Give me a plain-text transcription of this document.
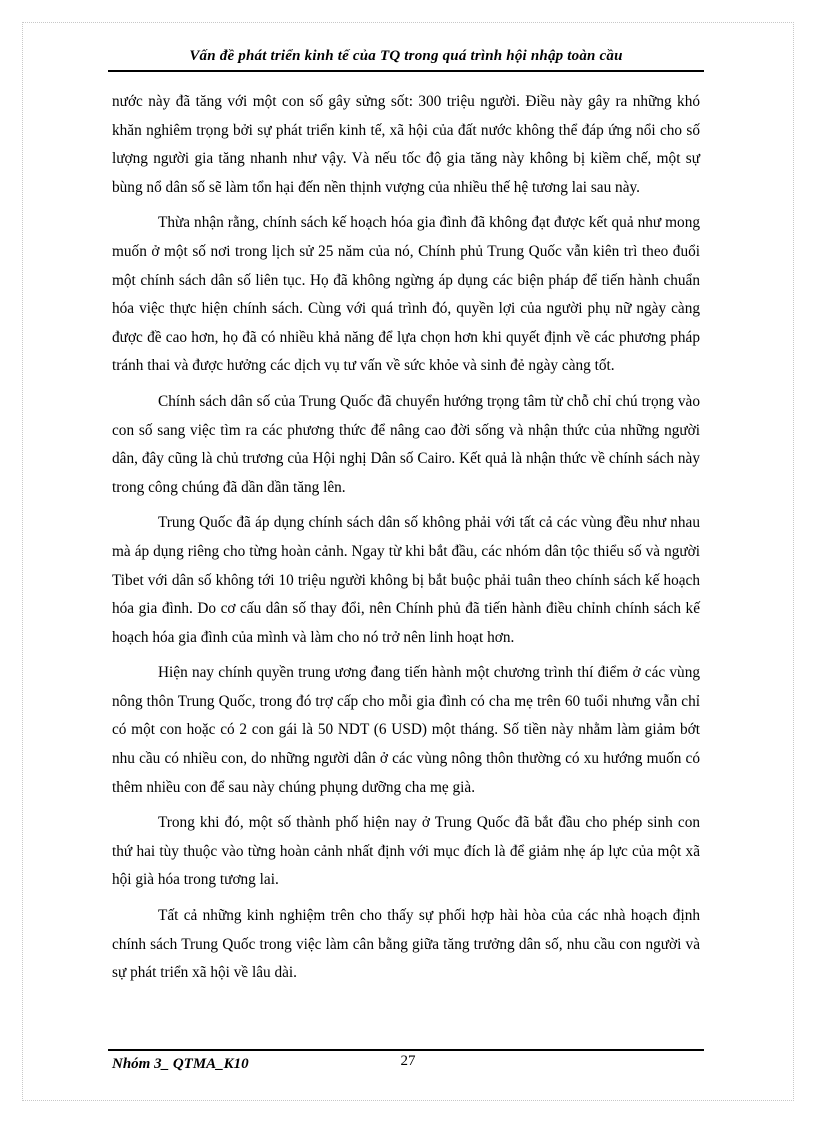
Vấn đề phát triển kinh tế của TQ trong quá trình hội nhập toàn cầu

nước này đã tăng với một con số gây sửng sốt: 300 triệu người. Điều này gây ra những khó khăn nghiêm trọng bởi sự phát triển kinh tế, xã hội của đất nước không thể đáp ứng nổi cho số lượng người gia tăng nhanh như vậy. Và nếu tốc độ gia tăng này không bị kiềm chế, một sự bùng nổ dân số sẽ làm tổn hại đến nền thịnh vượng của nhiều thế hệ tương lai sau này.

Thừa nhận rằng, chính sách kế hoạch hóa gia đình đã không đạt được kết quả như mong muốn ở một số nơi trong lịch sử 25 năm của nó, Chính phủ Trung Quốc vẫn kiên trì theo đuổi một chính sách dân số liên tục. Họ đã không ngừng áp dụng các biện pháp để tiến hành chuẩn hóa việc thực hiện chính sách. Cùng với quá trình đó, quyền lợi của người phụ nữ ngày càng được đề cao hơn, họ đã có nhiều khả năng để lựa chọn hơn khi quyết định về các phương pháp tránh thai và được hưởng các dịch vụ tư vấn về sức khỏe và sinh đẻ ngày càng tốt.

Chính sách dân số của Trung Quốc đã chuyển hướng trọng tâm từ chỗ chỉ chú trọng vào con số sang việc tìm ra các phương thức để nâng cao đời sống và nhận thức của những người dân, đây cũng là chủ trương của Hội nghị Dân số Cairo. Kết quả là nhận thức về chính sách này trong công chúng đã dần dần tăng lên.

Trung Quốc đã áp dụng chính sách dân số không phải với tất cả các vùng đều như nhau mà áp dụng riêng cho từng hoàn cảnh. Ngay từ khi bắt đầu, các nhóm dân tộc thiểu số và người Tibet với dân số không tới 10 triệu người không bị bắt buộc phải tuân theo chính sách kế hoạch hóa gia đình. Do cơ cấu dân số thay đổi, nên Chính phủ đã tiến hành điều chỉnh chính sách kế hoạch hóa gia đình của mình và làm cho nó trở nên linh hoạt hơn.

Hiện nay chính quyền trung ương đang tiến hành một chương trình thí điểm ở các vùng nông thôn Trung Quốc, trong đó trợ cấp cho mỗi gia đình có cha mẹ trên 60 tuổi nhưng vẫn chỉ có một con hoặc có 2 con gái là 50 NDT (6 USD) một tháng. Số tiền này nhằm làm giảm bớt nhu cầu có nhiều con, do những người dân ở các vùng nông thôn thường có xu hướng muốn có thêm nhiều con để sau này chúng phụng dưỡng cha mẹ già.

Trong khi đó, một số thành phố hiện nay ở Trung Quốc đã bắt đầu cho phép sinh con thứ hai tùy thuộc vào từng hoàn cảnh nhất định với mục đích là để giảm nhẹ áp lực của một xã hội già hóa trong tương lai.

Tất cả những kinh nghiệm trên cho thấy sự phối hợp hài hòa của các nhà hoạch định chính sách Trung Quốc trong việc làm cân bằng giữa tăng trưởng dân số, nhu cầu con người và sự phát triển xã hội về lâu dài.

Nhóm 3_ QTMA_K10	27
